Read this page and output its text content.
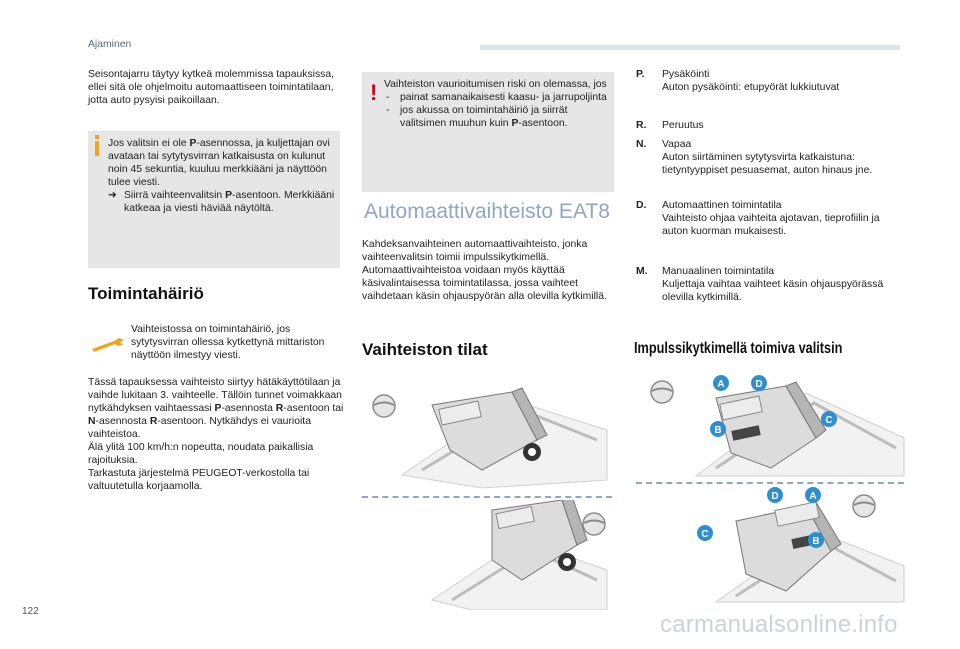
Ajaminen
Seisontajarru täytyy kytkeä molemmissa tapauksissa, ellei sitä ole ohjelmoitu automaattiseen toimintatilaan, jotta auto pysyisi paikoillaan.
Jos valitsin ei ole P-asennossa, ja kuljettajan ovi avataan tai sytytysvirran katkaisusta on kulunut noin 45 sekuntia, kuuluu merkkiääni ja näyttöön tulee viesti.
➜ Siirrä vaihteenvalitsin P-asentoon. Merkkiääni katkeaa ja viesti häviää näytöltä.
Toimintahäiriö
Vaihteistossa on toimintahäiriö, jos sytytysvirran ollessa kytkettynä mittariston näyttöön ilmestyy viesti.
Tässä tapauksessa vaihteisto siirtyy hätäkäyttötilaan ja vaihde lukitaan 3. vaihteelle. Tällöin tunnet voimakkaan nytkähdyksen vaihtaessasi P-asennosta R-asentoon tai N-asennosta R-asentoon. Nytkähdys ei vaurioita vaihteistoa.
Älä ylitä 100 km/h:n nopeutta, noudata paikallisia rajoituksia.
Tarkastuta järjestelmä PEUGEOT-verkostolla tai valtuutetulla korjaamolla.
! Vaihteiston vaurioitumisen riski on olemassa, jos
- painat samanaikaisesti kaasu- ja jarrupoljinta
- jos akussa on toimintahäiriö ja siirrät valitsimen muuhun kuin P-asentoon.
Automaattivaihteisto EAT8
Kahdeksanvaihteinen automaattivaihteisto, jonka vaihteenvalitsin toimii impulssikytkimellä. Automaattivaihteistoa voidaan myös käyttää käsivalintaisessa toimintatilassa, jossa vaihteet vaihdetaan käsin ohjauspyörän alla olevilla kytkimillä.
Vaihteiston tilat
P. Pysäköinti
Auton pysäköinti: etupyörät lukkiutuvat
R. Peruutus
N. Vapaa
Auton siirtäminen sytytysvirta katkaistuna: tietyntyyppiset pesuasemat, auton hinaus jne.
D. Automaattinen toimintatila
Vaihteisto ohjaa vaihteita ajotavan, tieprofiilin ja auton kuorman mukaisesti.
M. Manuaalinen toimintatila
Kuljettaja vaihtaa vaihteet käsin ohjauspyörässä olevilla kytkimillä.
Impulssikytkimellä toimiva valitsin
A	D
C
B
D	A
C
B
122	carmanualsonline.info
